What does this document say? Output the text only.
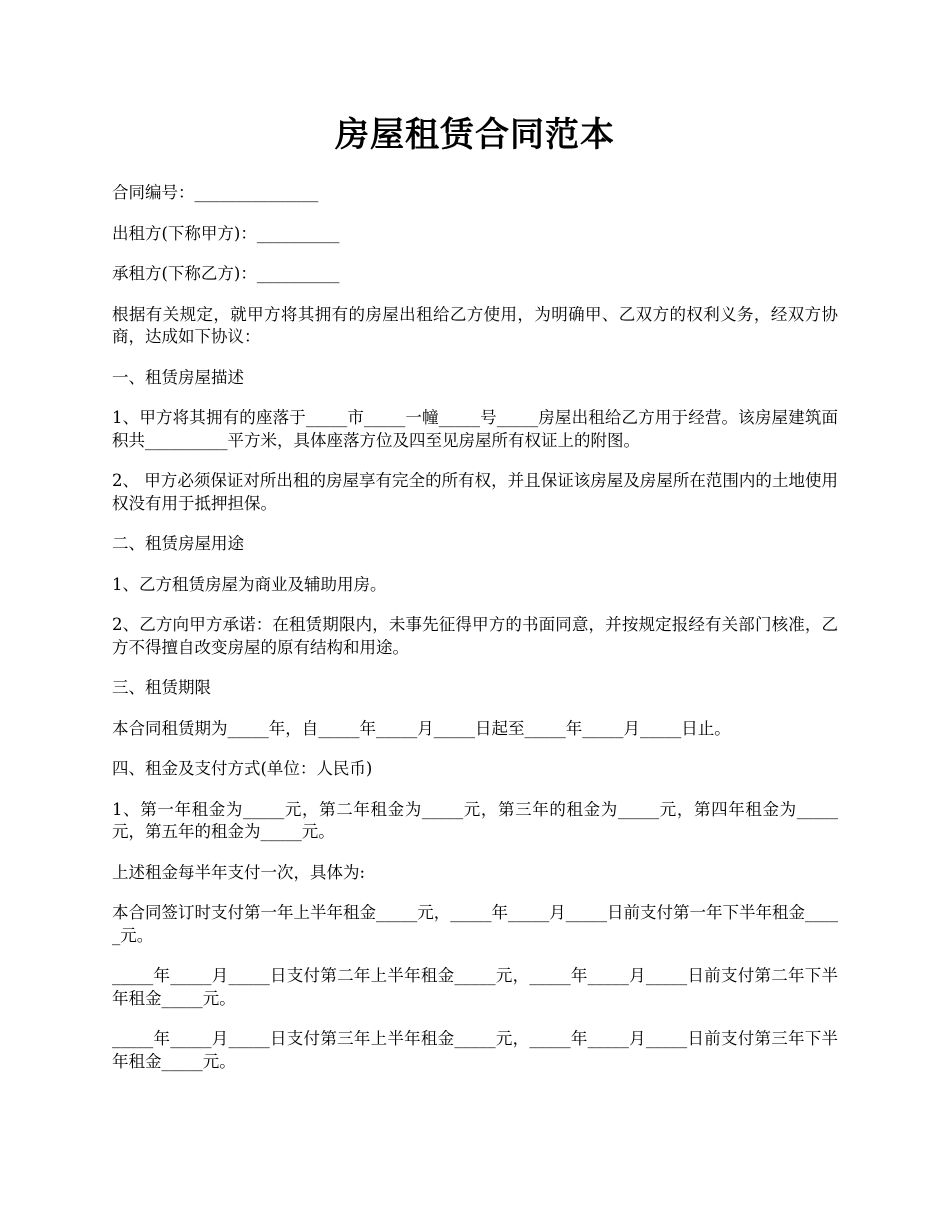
房屋租赁合同范本

合同编号：_______________

出租方(下称甲方)：__________

承租方(下称乙方)：__________

根据有关规定，就甲方将其拥有的房屋出租给乙方使用，为明确甲、乙双方的权利义务，经双方协商，达成如下协议：

一、租赁房屋描述

1、甲方将其拥有的座落于_____市_____一幢_____号_____房屋出租给乙方用于经营。该房屋建筑面积共__________平方米，具体座落方位及四至见房屋所有权证上的附图。

2、 甲方必须保证对所出租的房屋享有完全的所有权，并且保证该房屋及房屋所在范围内的土地使用权没有用于抵押担保。

二、租赁房屋用途

1、乙方租赁房屋为商业及辅助用房。

2、乙方向甲方承诺：在租赁期限内，未事先征得甲方的书面同意，并按规定报经有关部门核准，乙方不得擅自改变房屋的原有结构和用途。

三、租赁期限

本合同租赁期为_____年，自_____年_____月_____日起至_____年_____月_____日止。

四、租金及支付方式(单位：人民币)

1、第一年租金为_____元，第二年租金为_____元，第三年的租金为_____元，第四年租金为_____元，第五年的租金为_____元。

上述租金每半年支付一次，具体为:

本合同签订时支付第一年上半年租金_____元，_____年_____月_____日前支付第一年下半年租金_____元。

_____年_____月_____日支付第二年上半年租金_____元，_____年_____月_____日前支付第二年下半年租金_____元。

_____年_____月_____日支付第三年上半年租金_____元，_____年_____月_____日前支付第三年下半年租金_____元。
